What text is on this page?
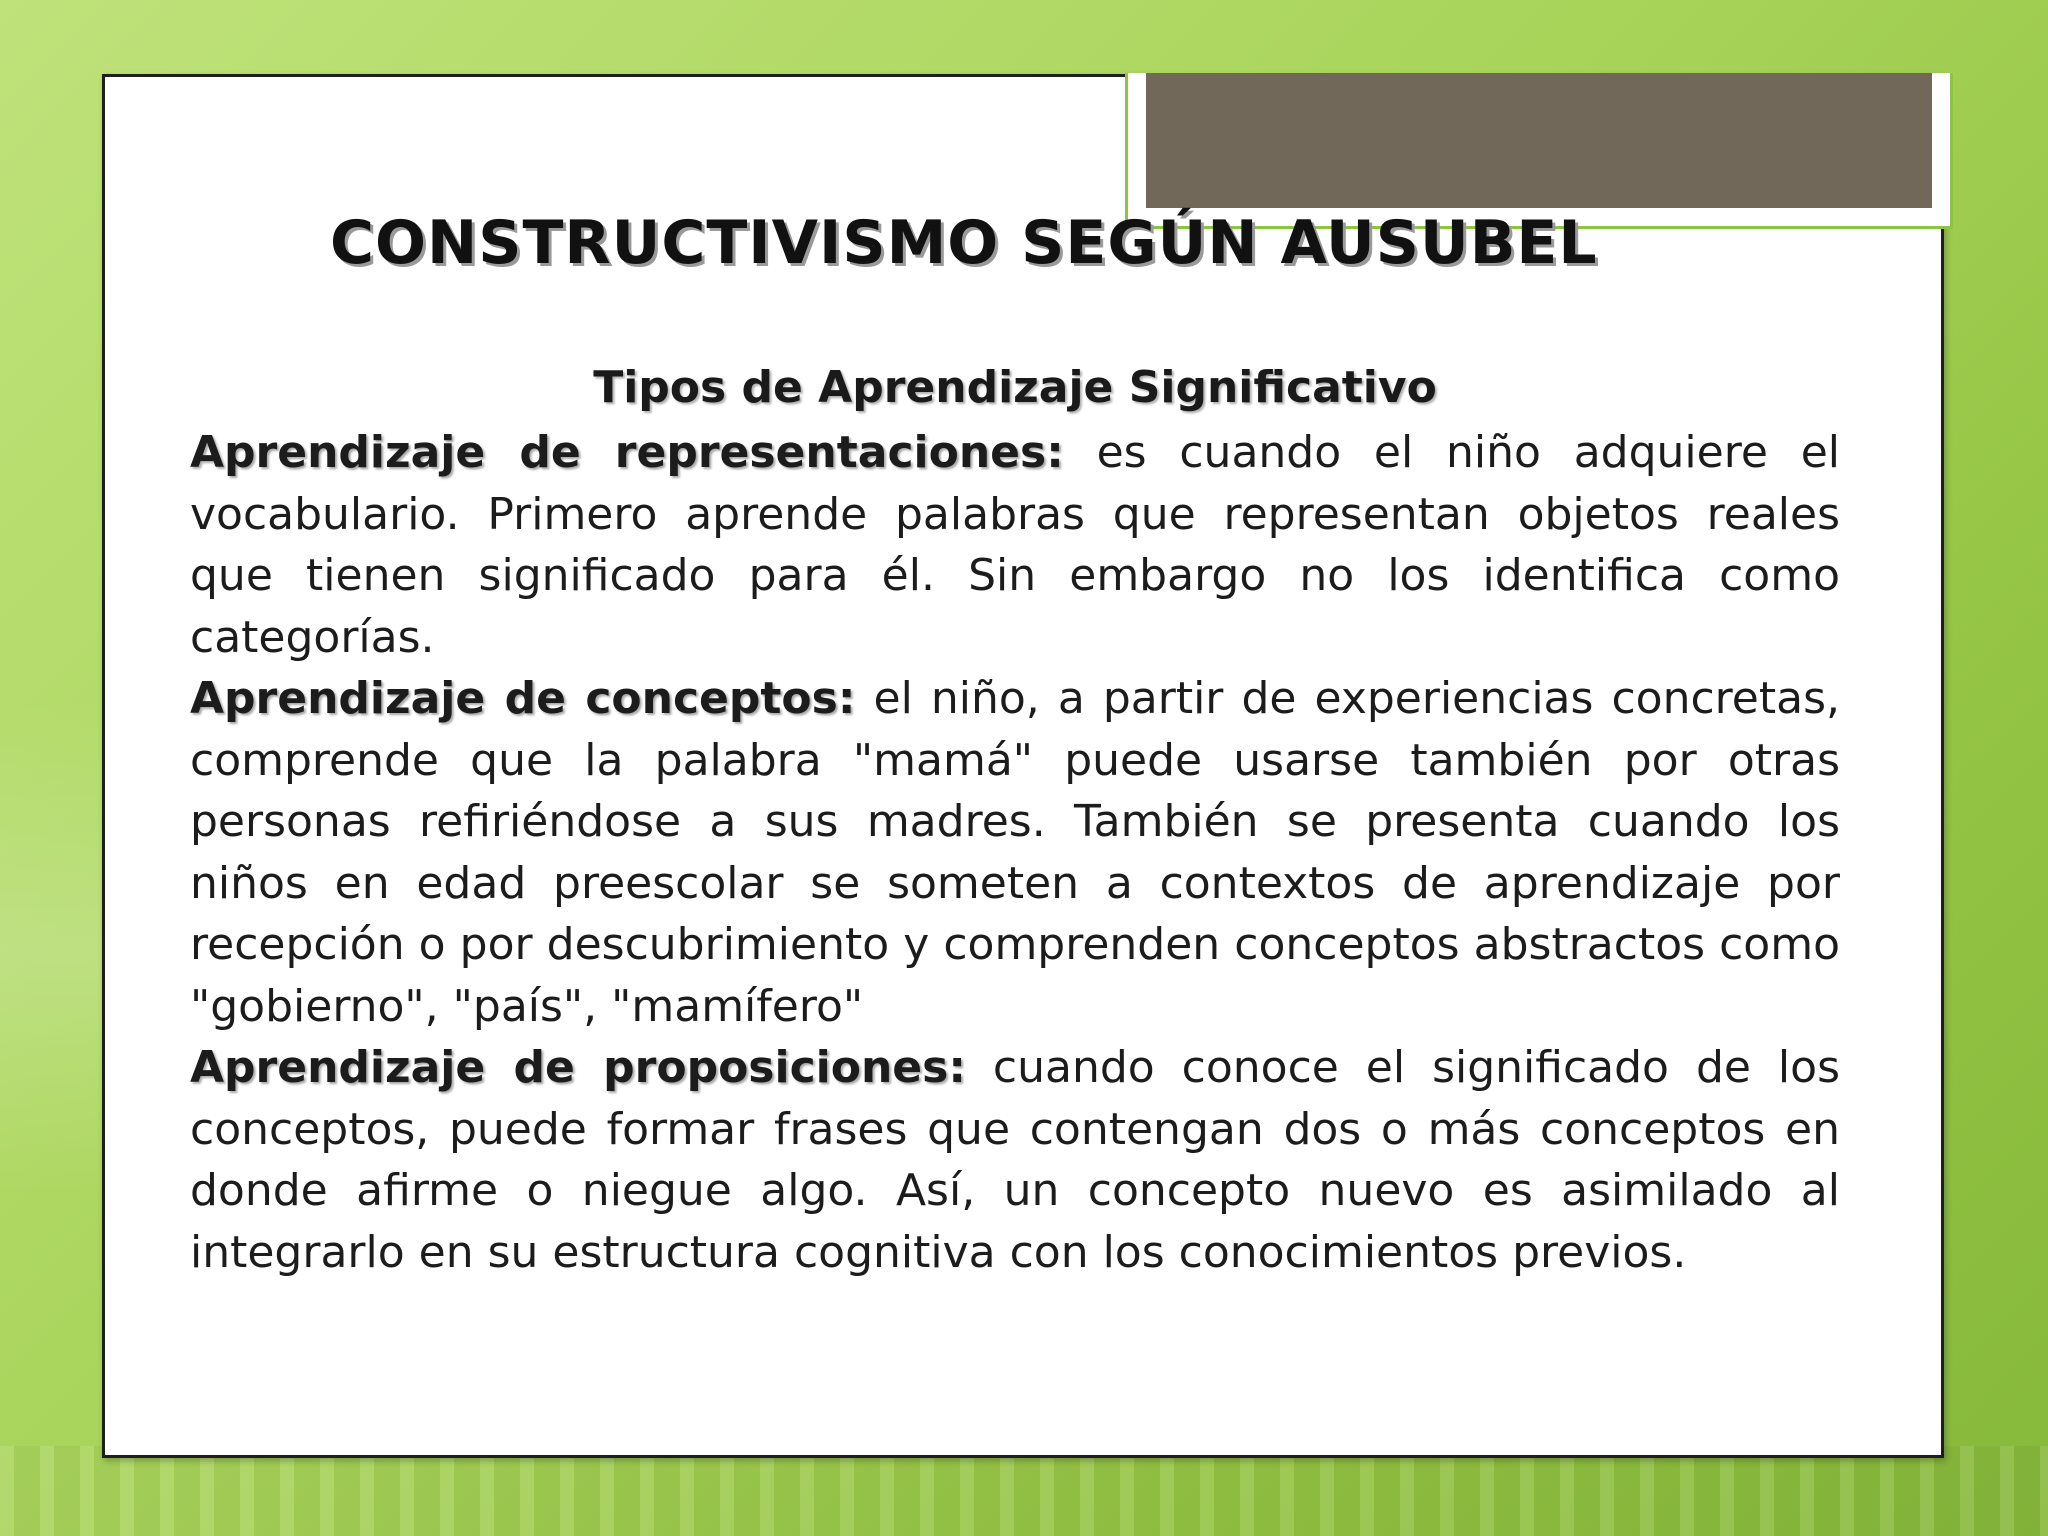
CONSTRUCTIVISMO SEGÚN AUSUBEL
Tipos de Aprendizaje Significativo

Aprendizaje de representaciones: es cuando el niño adquiere el vocabulario. Primero aprende palabras que representan objetos reales que tienen significado para él. Sin embargo no los identifica como categorías.

Aprendizaje de conceptos: el niño, a partir de experiencias concretas, comprende que la palabra "mamá" puede usarse también por otras personas refiriéndose a sus madres. También se presenta cuando los niños en edad preescolar se someten a contextos de aprendizaje por recepción o por descubrimiento y comprenden conceptos abstractos como "gobierno", "país", "mamífero"

Aprendizaje de proposiciones: cuando conoce el significado de los conceptos, puede formar frases que contengan dos o más conceptos en donde afirme o niegue algo. Así, un concepto nuevo es asimilado al integrarlo en su estructura cognitiva con los conocimientos previos.
